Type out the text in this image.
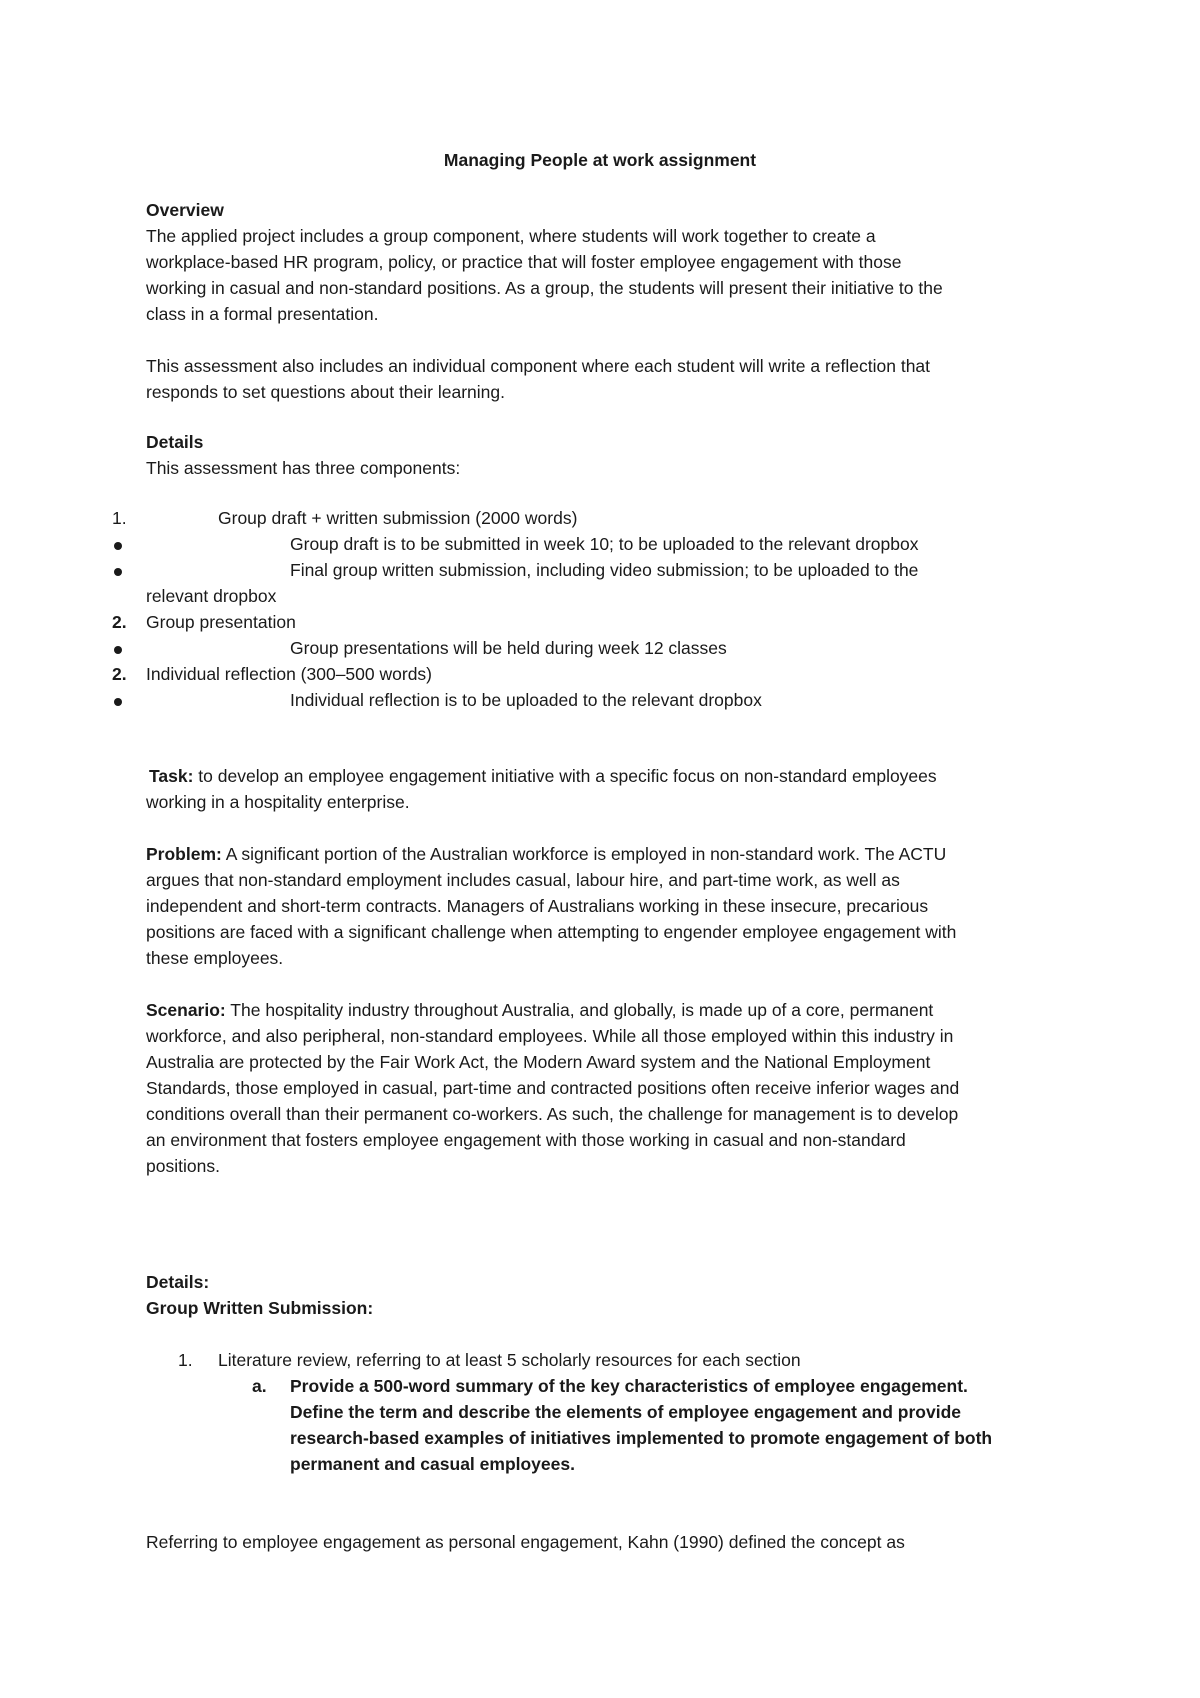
Managing People at work assignment

Overview

The applied project includes a group component, where students will work together to create a

workplace-based HR program, policy, or practice that will foster employee engagement with those

working in casual and non-standard positions. As a group, the students will present their initiative to the

class in a formal presentation.

This assessment also includes an individual component where each student will write a reflection that

responds to set questions about their learning.

Details

This assessment has three components:

1.	Group draft + written submission (2000 words)

Group draft is to be submitted in week 10; to be uploaded to the relevant dropbox

Final group written submission, including video submission; to be uploaded to the

relevant dropbox

2. Group presentation

Group presentations will be held during week 12 classes

2. Individual reflection (300–500 words)

Individual reflection is to be uploaded to the relevant dropbox

Task: to develop an employee engagement initiative with a specific focus on non-standard employees

working in a hospitality enterprise.

Problem: A significant portion of the Australian workforce is employed in non-standard work. The ACTU

argues that non-standard employment includes casual, labour hire, and part-time work, as well as

independent and short-term contracts. Managers of Australians working in these insecure, precarious

positions are faced with a significant challenge when attempting to engender employee engagement with

these employees.

Scenario: The hospitality industry throughout Australia, and globally, is made up of a core, permanent

workforce, and also peripheral, non-standard employees. While all those employed within this industry in

Australia are protected by the Fair Work Act, the Modern Award system and the National Employment

Standards, those employed in casual, part-time and contracted positions often receive inferior wages and

conditions overall than their permanent co-workers. As such, the challenge for management is to develop

an environment that fosters employee engagement with those working in casual and non-standard

positions.

Details:

Group Written Submission:

1. Literature review, referring to at least 5 scholarly resources for each section

a. Provide a 500-word summary of the key characteristics of employee engagement.

Define the term and describe the elements of employee engagement and provide

research-based examples of initiatives implemented to promote engagement of both

permanent and casual employees.

Referring to employee engagement as personal engagement, Kahn (1990) defined the concept as
